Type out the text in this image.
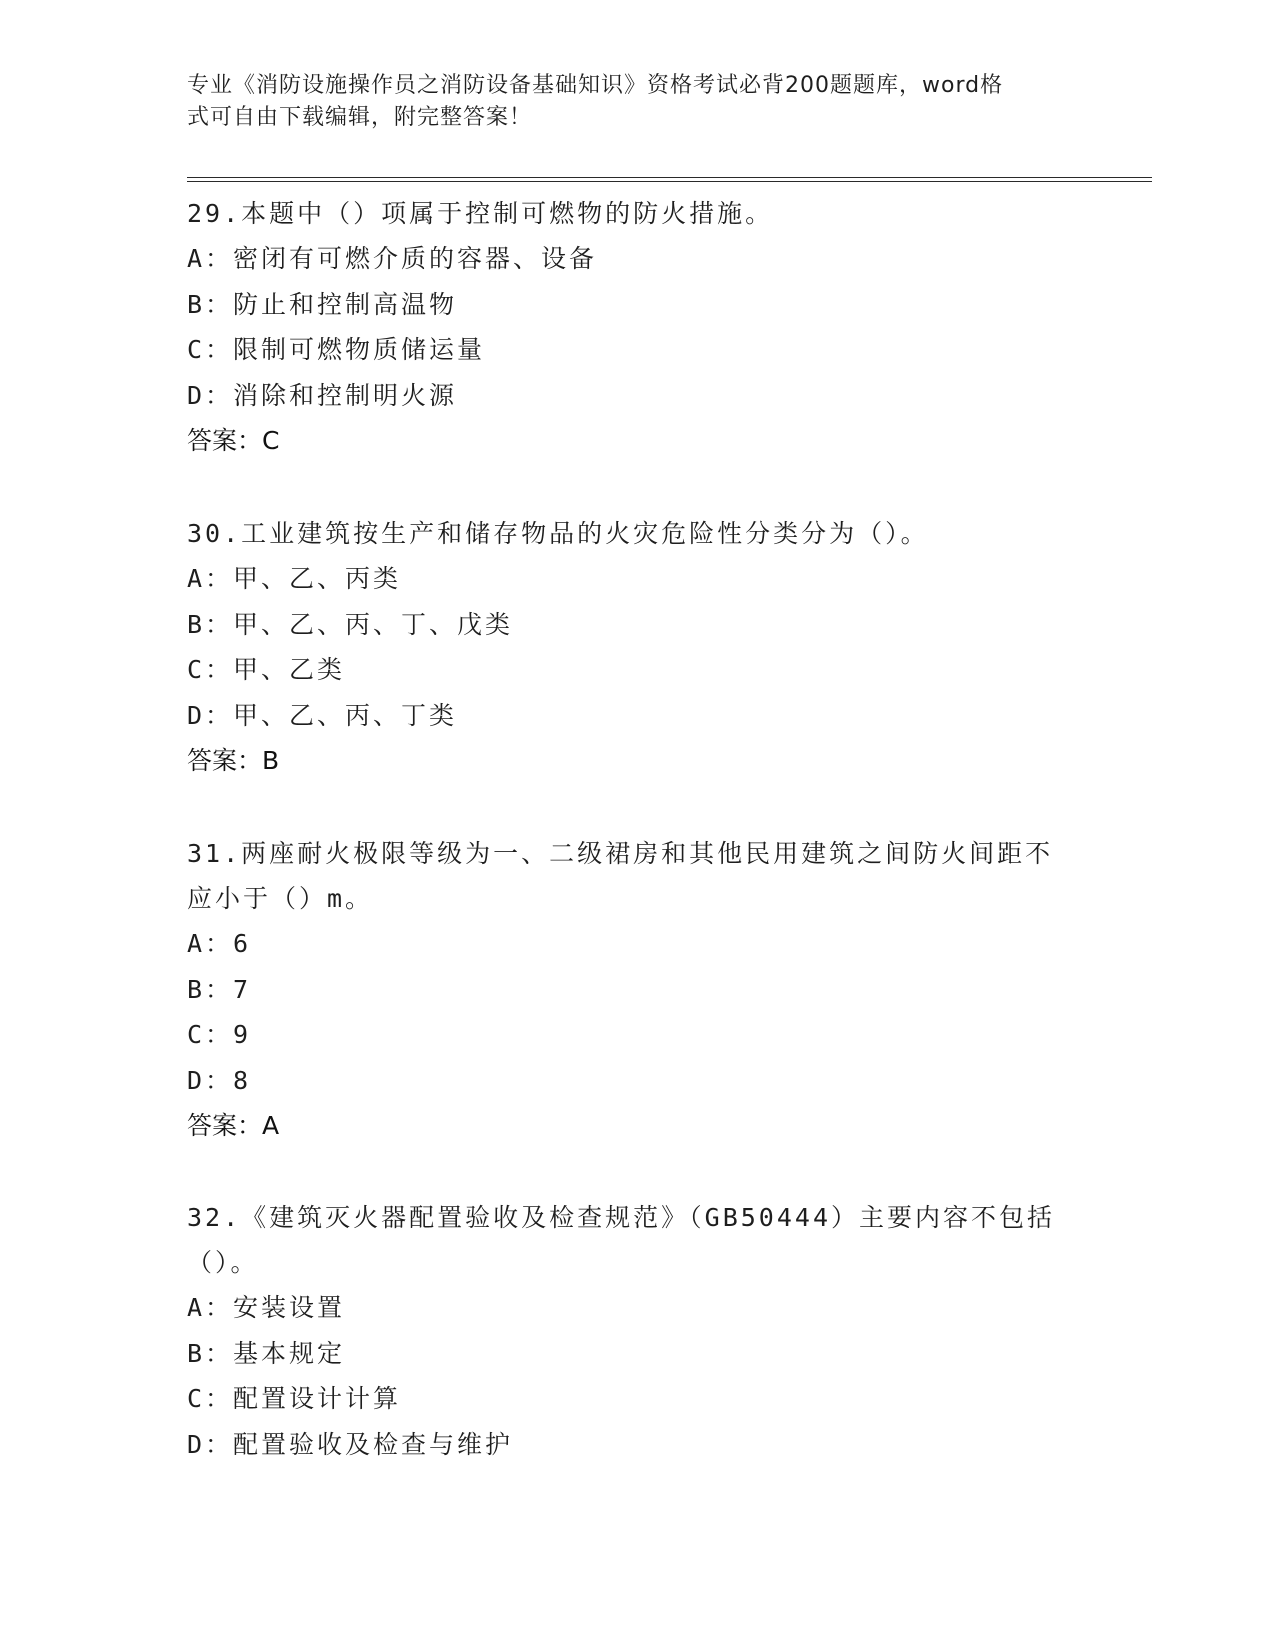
专业《消防设施操作员之消防设备基础知识》资格考试必背200题题库，word格
式可自由下载编辑，附完整答案！

29.本题中（）项属于控制可燃物的防火措施。

A：密闭有可燃介质的容器、设备

B：防止和控制高温物

C：限制可燃物质储运量

D：消除和控制明火源

答案：C

30.工业建筑按生产和储存物品的火灾危险性分类分为（）。

A：甲、乙、丙类

B：甲、乙、丙、丁、戊类

C：甲、乙类

D：甲、乙、丙、丁类

答案：B

31.两座耐火极限等级为一、二级裙房和其他民用建筑之间防火间距不

应小于（）m。

A：6

B：7

C：9

D：8

答案：A

32.《建筑灭火器配置验收及检查规范》（GB50444）主要内容不包括

（）。

A：安装设置

B：基本规定

C：配置设计计算

D：配置验收及检查与维护
